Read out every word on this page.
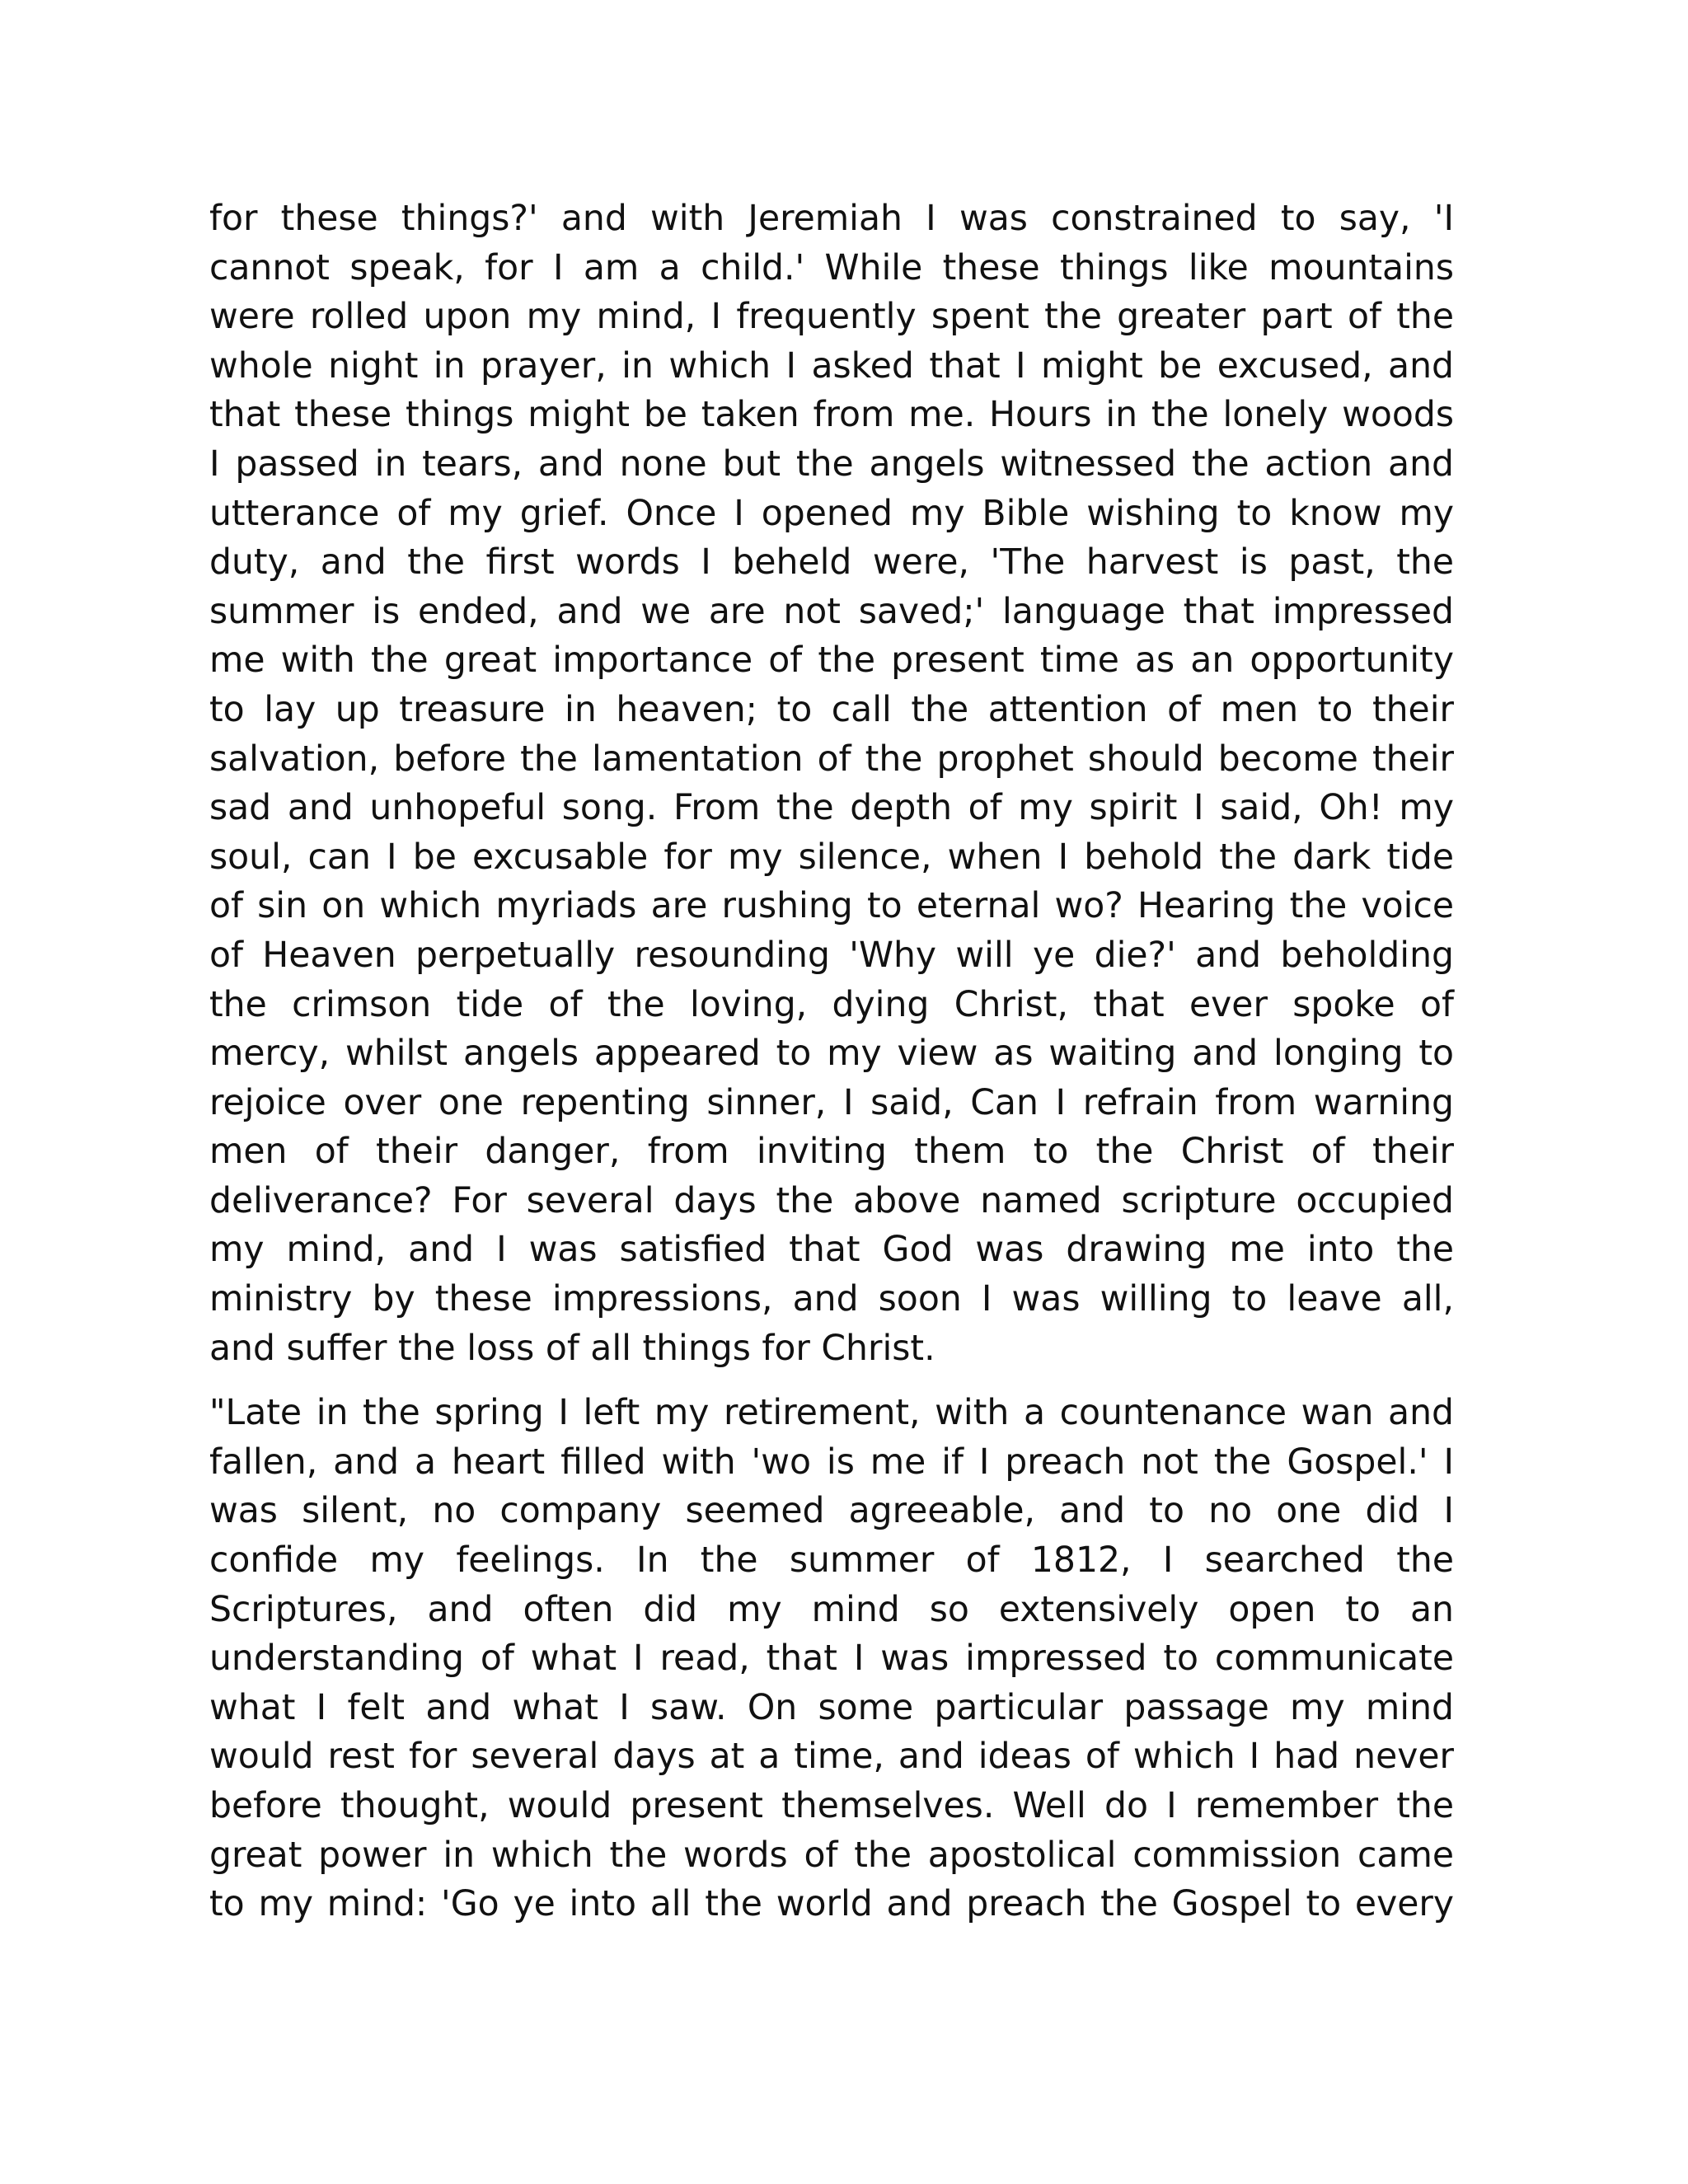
for these things?' and with Jeremiah I was constrained to say, 'I
cannot speak, for I am a child.' While these things like mountains
were rolled upon my mind, I frequently spent the greater part of the
whole night in prayer, in which I asked that I might be excused, and
that these things might be taken from me. Hours in the lonely woods
I passed in tears, and none but the angels witnessed the action and
utterance of my grief. Once I opened my Bible wishing to know my
duty, and the first words I beheld were, 'The harvest is past, the
summer is ended, and we are not saved;' language that impressed
me with the great importance of the present time as an opportunity
to lay up treasure in heaven; to call the attention of men to their
salvation, before the lamentation of the prophet should become their
sad and unhopeful song. From the depth of my spirit I said, Oh! my
soul, can I be excusable for my silence, when I behold the dark tide
of sin on which myriads are rushing to eternal wo? Hearing the voice
of Heaven perpetually resounding 'Why will ye die?' and beholding
the crimson tide of the loving, dying Christ, that ever spoke of
mercy, whilst angels appeared to my view as waiting and longing to
rejoice over one repenting sinner, I said, Can I refrain from warning
men of their danger, from inviting them to the Christ of their
deliverance? For several days the above named scripture occupied
my mind, and I was satisfied that God was drawing me into the
ministry by these impressions, and soon I was willing to leave all,
and suffer the loss of all things for Christ.

"Late in the spring I left my retirement, with a countenance wan and
fallen, and a heart filled with 'wo is me if I preach not the Gospel.' I
was silent, no company seemed agreeable, and to no one did I
confide my feelings. In the summer of 1812, I searched the
Scriptures, and often did my mind so extensively open to an
understanding of what I read, that I was impressed to communicate
what I felt and what I saw. On some particular passage my mind
would rest for several days at a time, and ideas of which I had never
before thought, would present themselves. Well do I remember the
great power in which the words of the apostolical commission came
to my mind: 'Go ye into all the world and preach the Gospel to every
